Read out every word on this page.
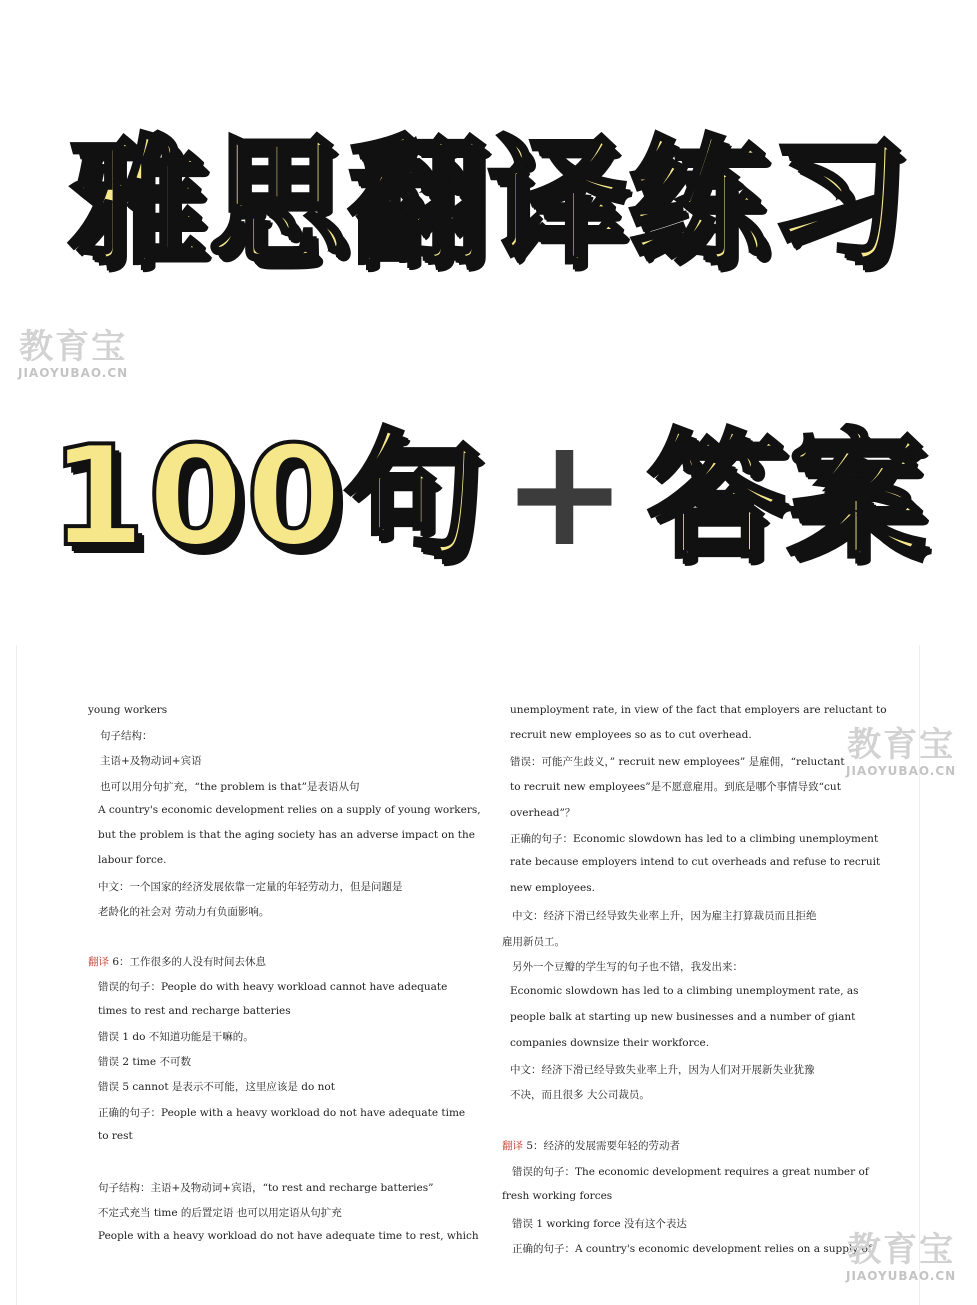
雅思翻译练习
100句 + 答案
教育宝
JIAOYUBAO.CN
young workers
句子结构：
主语+及物动词+宾语
也可以用分句扩充，“the problem is that”是表语从句
A country's economic development relies on a supply of young workers,
but the problem is that the aging society has an adverse impact on the
labour force.
中文：一个国家的经济发展依靠一定量的年轻劳动力，但是问题是
老龄化的社会对 劳动力有负面影响。
翻译 6：工作很多的人没有时间去休息
错误的句子：People do with heavy workload cannot have adequate
times to rest and recharge batteries
错误 1 do 不知道功能是干嘛的。
错误 2 time 不可数
错误 5 cannot 是表示不可能，这里应该是 do not
正确的句子：People with a heavy workload do not have adequate time
to rest
句子结构：主语+及物动词+宾语，“to rest and recharge batteries”
不定式充当 time 的后置定语 也可以用定语从句扩充
People with a heavy workload do not have adequate time to rest, which
unemployment rate, in view of the fact that employers are reluctant to
recruit new employees so as to cut overhead.
错误：可能产生歧义，” recruit new employees” 是雇佣，“reluctant
to recruit new employees”是不愿意雇用。到底是哪个事情导致“cut
overhead”？
正确的句子：Economic slowdown has led to a climbing unemployment
rate because employers intend to cut overheads and refuse to recruit
new employees.
中文：经济下滑已经导致失业率上升，因为雇主打算裁员而且拒绝
雇用新员工。
另外一个豆瓣的学生写的句子也不错，我发出来：
Economic slowdown has led to a climbing unemployment rate, as
people balk at starting up new businesses and a number of giant
companies downsize their workforce.
中文：经济下滑已经导致失业率上升，因为人们对开展新失业犹豫
不决，而且很多 大公司裁员。
翻译 5：经济的发展需要年轻的劳动者
错误的句子：The economic development requires a great number of
fresh working forces
错误 1 working force 没有这个表达
正确的句子：A country's economic development relies on a supply of
教育宝
JIAOYUBAO.CN
教育宝
JIAOYUBAO.CN
